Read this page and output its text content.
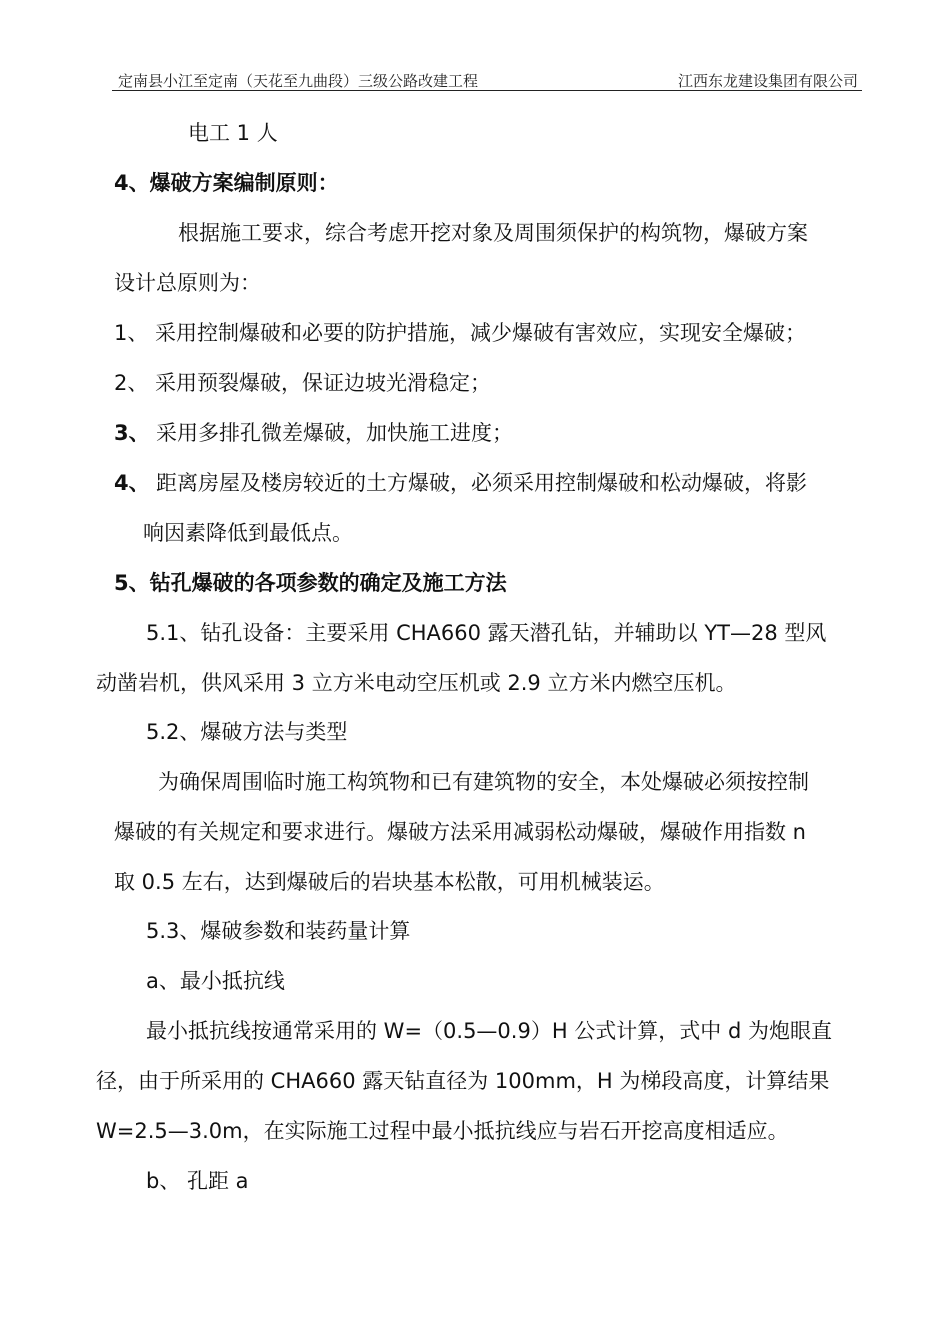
定南县小江至定南（天花至九曲段）三级公路改建工程	江西东龙建设集团有限公司
电工 1 人
4、爆破方案编制原则：
根据施工要求，综合考虑开挖对象及周围须保护的构筑物，爆破方案
设计总原则为：
1、 采用控制爆破和必要的防护措施，减少爆破有害效应，实现安全爆破；
2、 采用预裂爆破，保证边坡光滑稳定；
3、 采用多排孔微差爆破，加快施工进度；
4、 距离房屋及楼房较近的土方爆破，必须采用控制爆破和松动爆破，将影
响因素降低到最低点。
5、钻孔爆破的各项参数的确定及施工方法
5.1、钻孔设备：主要采用 CHA660 露天潜孔钻，并辅助以 YT—28 型风
动凿岩机，供风采用 3 立方米电动空压机或 2.9 立方米内燃空压机。
5.2、爆破方法与类型
为确保周围临时施工构筑物和已有建筑物的安全，本处爆破必须按控制
爆破的有关规定和要求进行。爆破方法采用减弱松动爆破，爆破作用指数 n
取 0.5 左右，达到爆破后的岩块基本松散，可用机械装运。
5.3、爆破参数和装药量计算
a、最小抵抗线
最小抵抗线按通常采用的 W=（0.5—0.9）H 公式计算，式中 d 为炮眼直
径，由于所采用的 CHA660 露天钻直径为 100mm，H 为梯段高度，计算结果
W=2.5—3.0m，在实际施工过程中最小抵抗线应与岩石开挖高度相适应。
b、 孔距 a
